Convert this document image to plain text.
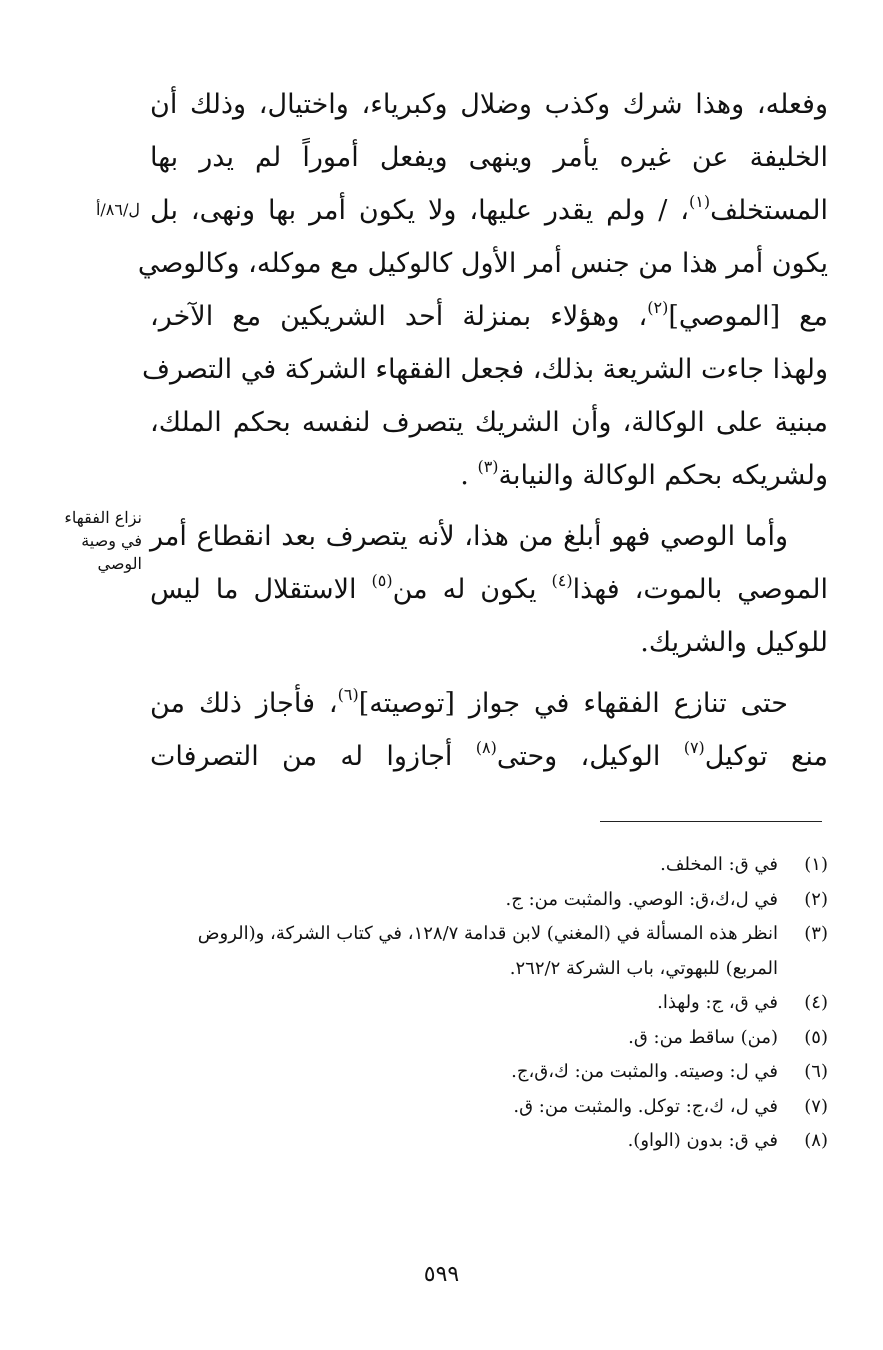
وفعله، وهذا شرك وكذب وضلال وكبرياء، واختيال، وذلك أن
الخليفة عن غيره يأمر وينهى ويفعل أموراً لم يدر بها
المستخلف$^{(١)}$، / ولم يقدر عليها، ولا يكون أمر بها ونهى، بل
يكون أمر هذا من جنس أمر الأول كالوكيل مع موكله، وكالوصي
مع [الموصي]$^{(٢)}$، وهؤلاء بمنزلة أحد الشريكين مع الآخر،
ولهذا جاءت الشريعة بذلك، فجعل الفقهاء الشركة في التصرف
مبنية على الوكالة، وأن الشريك يتصرف لنفسه بحكم الملك،
ولشريكه بحكم الوكالة والنيابة$^{(٣)}$ .

وأما الوصي فهو أبلغ من هذا، لأنه يتصرف بعد انقطاع أمر
الموصي بالموت، فهذا$^{(٤)}$ يكون له من$^{(٥)}$ الاستقلال ما ليس
للوكيل والشريك.

حتى تنازع الفقهاء في جواز [توصيته]$^{(٦)}$، فأجاز ذلك من
منع توكيل$^{(٧)}$ الوكيل، وحتى$^{(٨)}$ أجازوا له من التصرفات

ل/٨٦/أ
نزاع الفقهاء
في وصية
الوصي
(١)
في ق: المخلف.
(٢)
في ل،ك،ق: الوصي. والمثبت من: ج.
(٣)
انظر هذه المسألة في (المغني) لابن قدامة ١٢٨/٧، في كتاب الشركة، و(الروض المربع) للبهوتي، باب الشركة ٢٦٢/٢.
(٤)
في ق، ج: ولهذا.
(٥)
(من) ساقط من: ق.
(٦)
في ل: وصيته. والمثبت من: ك،ق،ج.
(٧)
في ل، ك،ج: توكل. والمثبت من: ق.
(٨)
في ق: بدون (الواو).
٥٩٩
